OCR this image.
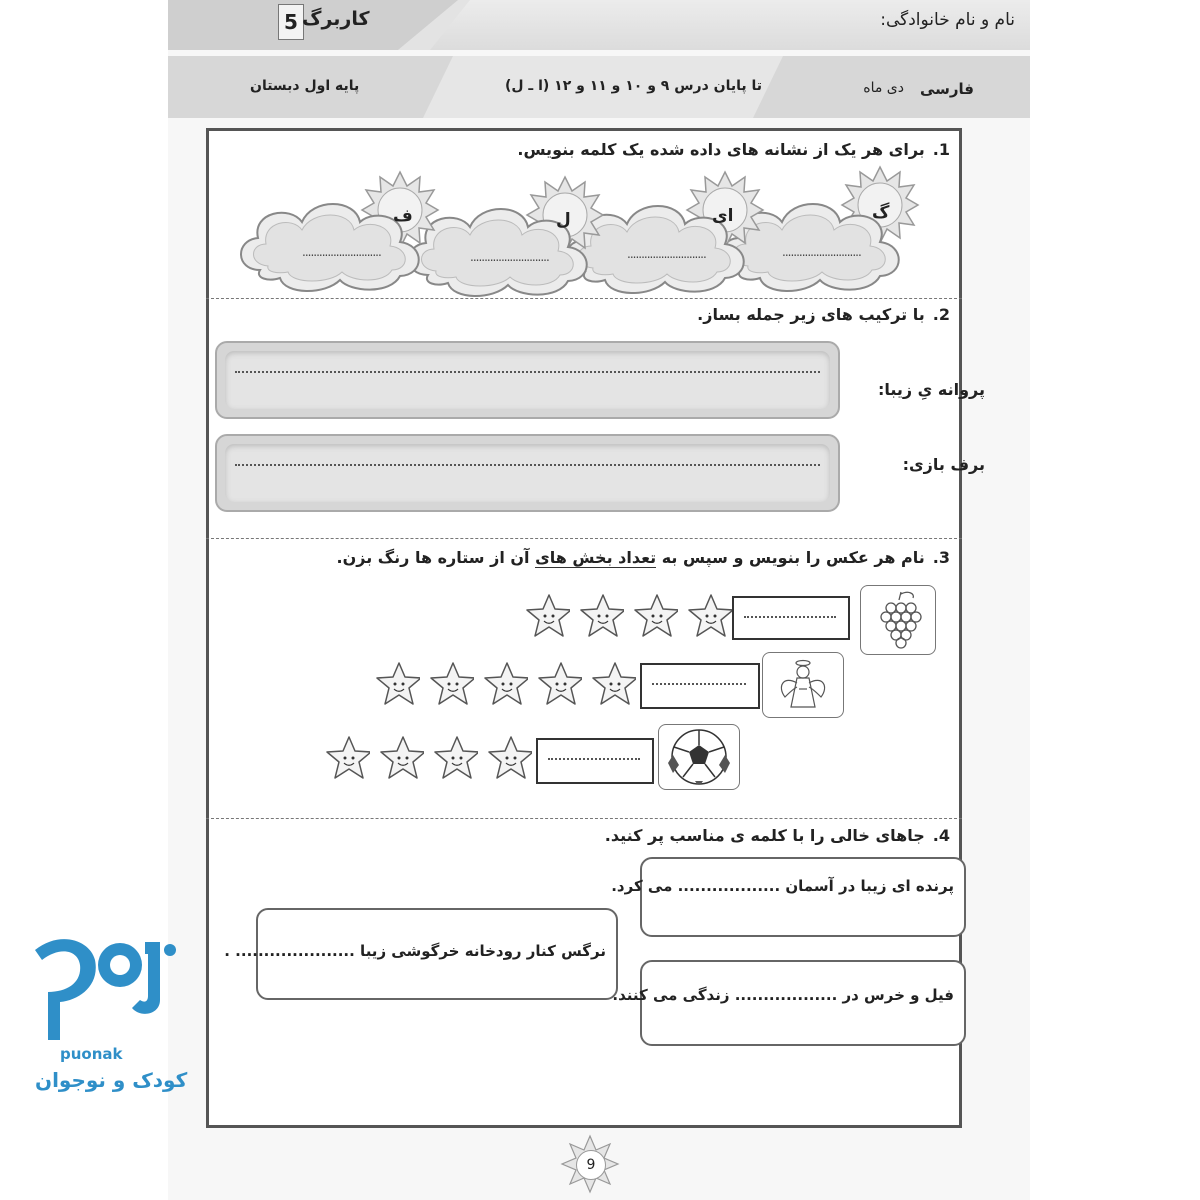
نام و نام خانوادگی:
5 کاربرگ
فارسی
دی ماه
تا پایان درس ۹ و ۱۰ و ۱۱ و ۱۲ (ا ـ ل)
پایه اول دبستان
1.برای هر یک از نشانه های داده شده یک کلمه بنویس.
گ
ای
ل
ف
............................
............................
............................
............................
2.با ترکیب های زیر جمله بساز.
پروانه یِ زیبا:
برف بازی:
3.نام هر عکس را بنویس و سپس به تعداد بخش های آن از ستاره ها رنگ بزن.
4.جاهای خالی را با کلمه ی مناسب پر کنید.
پرنده ای زیبا در آسمان .................. می کرد.
نرگس کنار رودخانه خرگوشی زیبا ..................... .
فیل و خرس در .................. زندگی می کنند.
9
puonak
کودک و نوجوان
